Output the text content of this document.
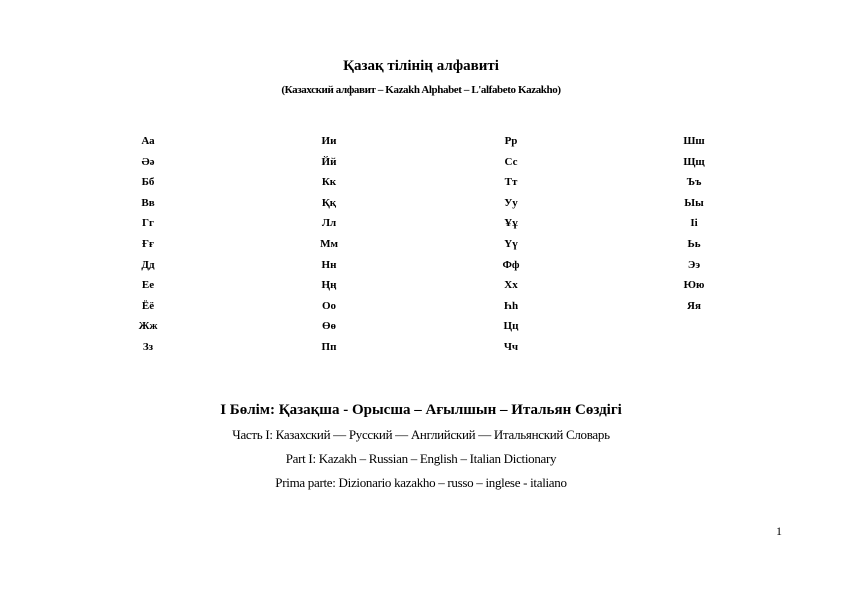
Қазақ тілінің алфавиті
(Казахский алфавит – Kazakh Alphabet – L'alfabeto Kazakho)
Аа
Әә
Бб
Вв
Гг
Ғғ
Дд
Ее
Ёё
Жж
Зз
Ии
Йй
Кк
Ққ
Лл
Мм
Нн
Ңң
Оо
Өө
Пп
Рр
Сс
Тт
Уу
Ұұ
Үү
Фф
Хх
Һһ
Цц
Чч
Шш
Щщ
Ъъ
Ыы
Іі
Ьь
Ээ
Юю
Яя
І Бөлім: Қазақша - Орысша – Ағылшын – Итальян Сөздігі
Часть I: Казахский — Русский — Английский — Итальянский Словарь
Part I: Kazakh – Russian – English – Italian Dictionary
Prima parte: Dizionario kazakho – russo – inglese - italiano
1
